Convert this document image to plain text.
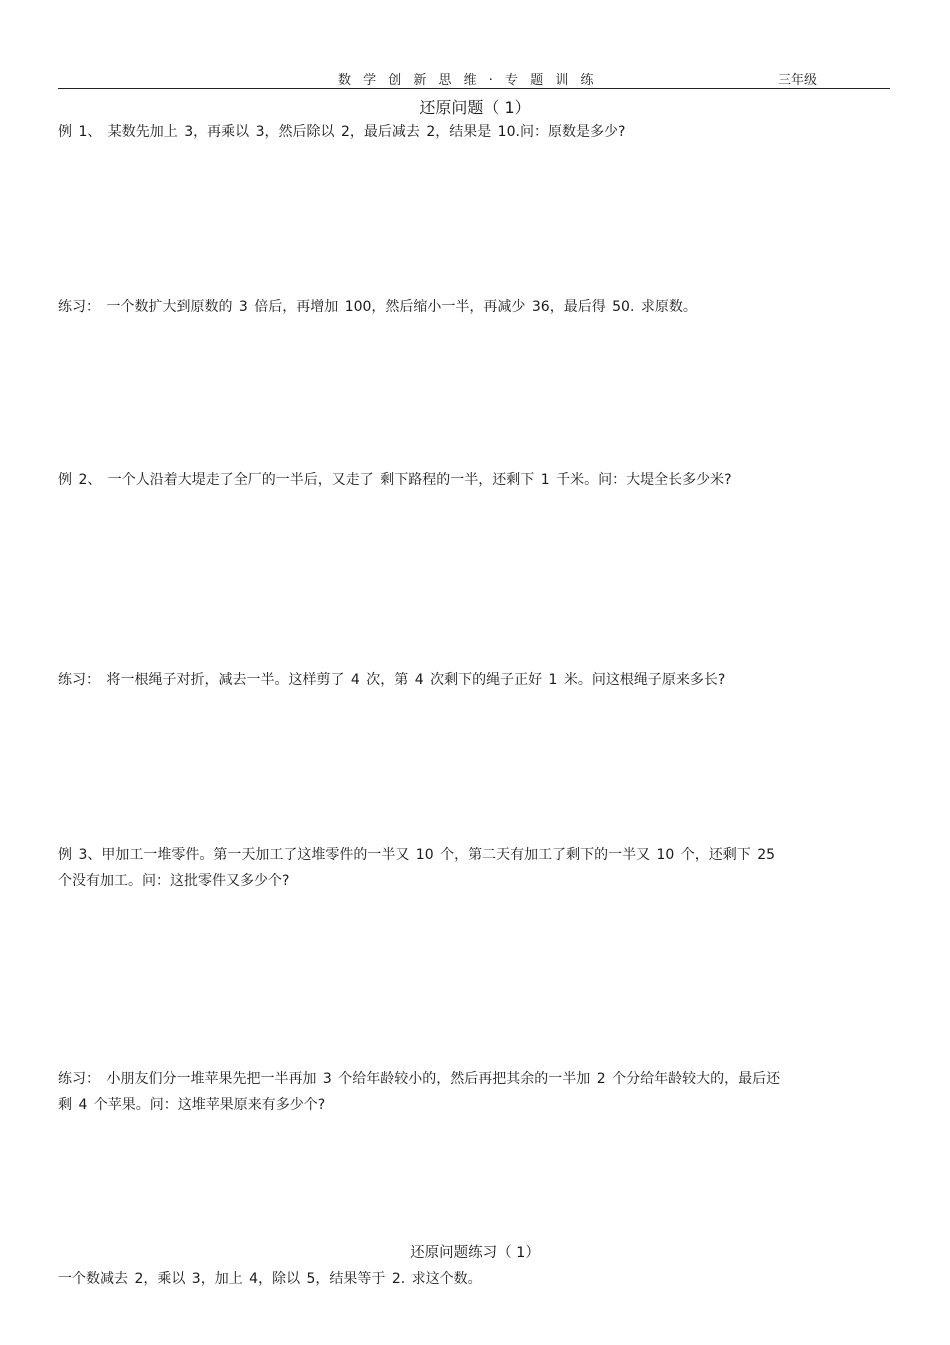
数 学 创 新 思 维 · 专 题 训 练	三年级
还原问题（ 1）
例 1、 某数先加上 3，再乘以 3，然后除以 2，最后减去 2，结果是 10.问：原数是多少?
练习： 一个数扩大到原数的 3 倍后，再增加 100，然后缩小一半，再减少 36，最后得 50. 求原数。
例 2、 一个人沿着大堤走了全厂的一半后，又走了 剩下路程的一半，还剩下 1 千米。问：大堤全长多少米?
练习： 将一根绳子对折，减去一半。这样剪了 4 次，第 4 次剩下的绳子正好 1 米。问这根绳子原来多长?
例 3、甲加工一堆零件。第一天加工了这堆零件的一半又 10 个，第二天有加工了剩下的一半又 10 个，还剩下 25
个没有加工。问：这批零件又多少个?
练习： 小朋友们分一堆苹果先把一半再加 3 个给年龄较小的，然后再把其余的一半加 2 个分给年龄较大的，最后还
剩 4 个苹果。问：这堆苹果原来有多少个?
还原问题练习（ 1）
一个数减去 2，乘以 3，加上 4，除以 5，结果等于 2. 求这个数。
